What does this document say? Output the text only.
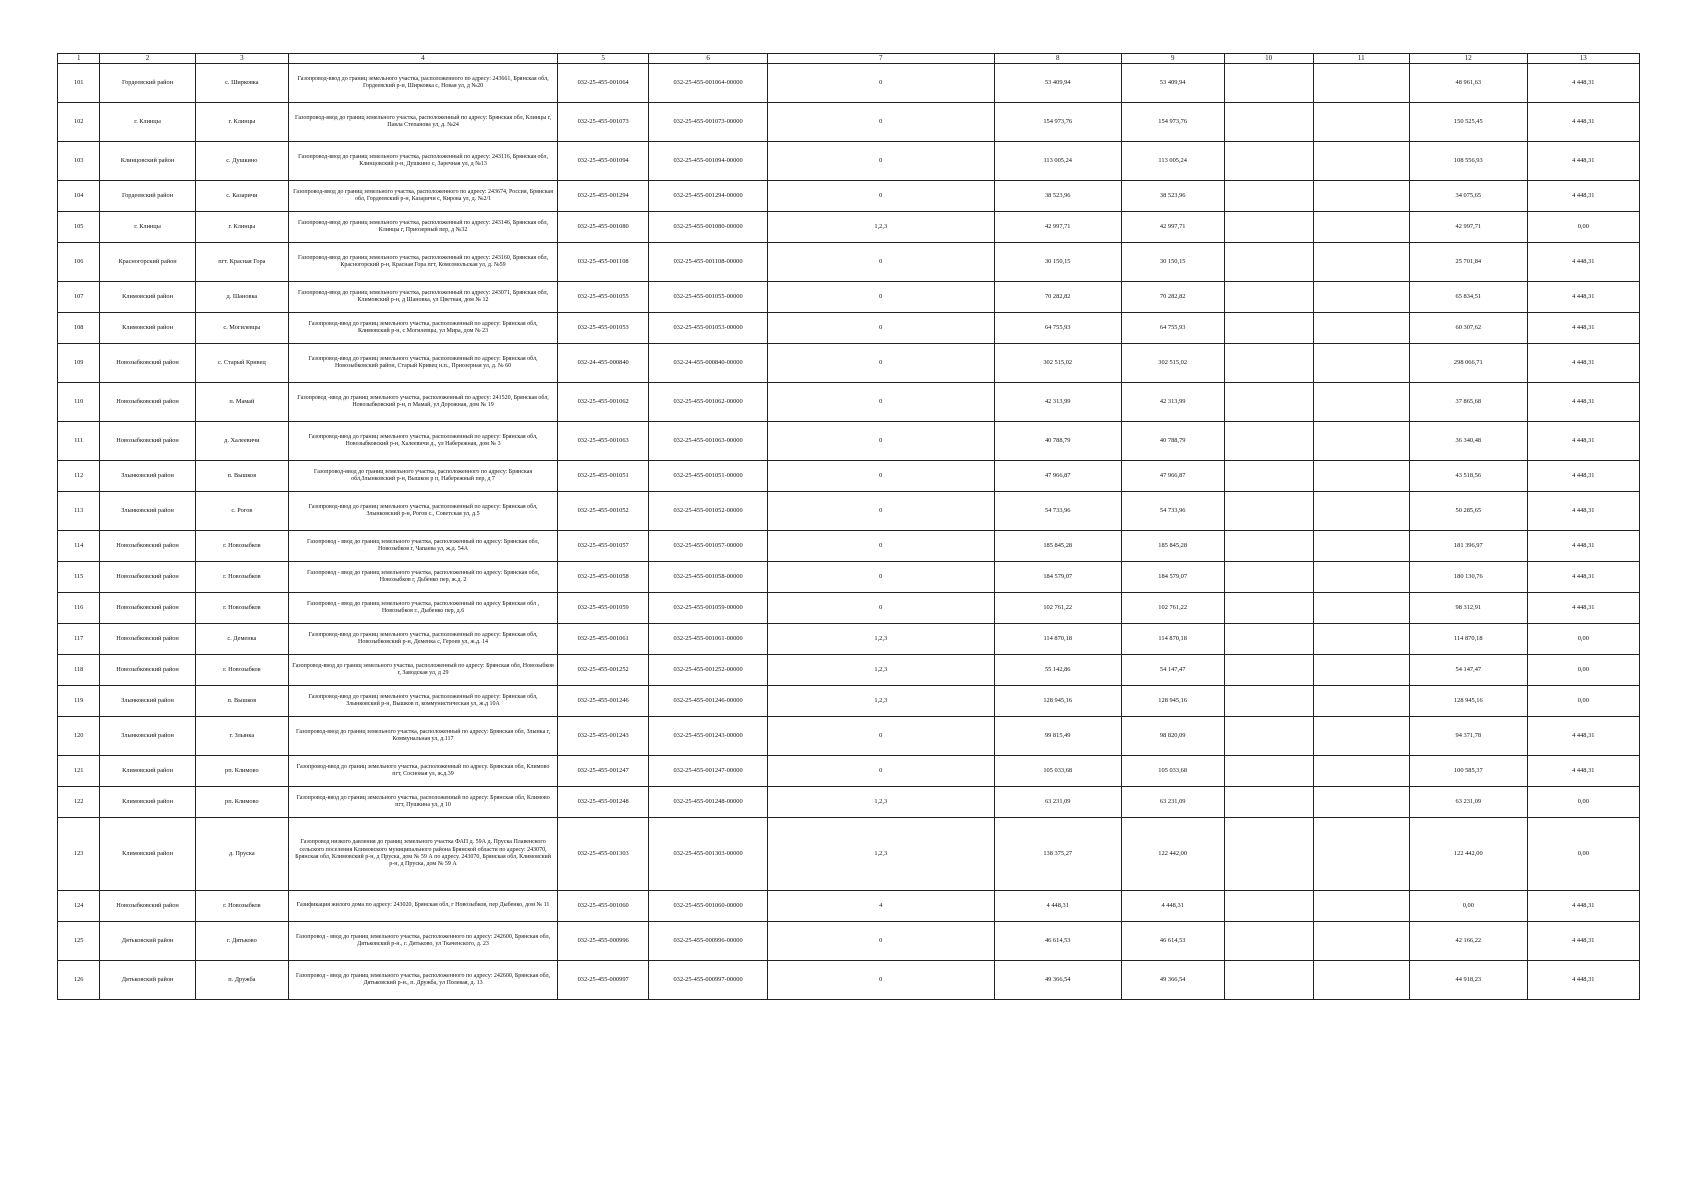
1	2	3	4	5	6	7	8	9	10	11	12	13
101	Гордеевский район	с. Ширковка	Газопровод-ввод до границ земельного участка, расположенного по адресу: 243661, Брянская обл, Гордеевский р-н, Ширковка с, Новая ул, д №20	032-25-455-001064	032-25-455-001064-00000	0	53 409,94	53 409,94			48 961,63	4 448,31
102	г. Клинцы	г. Клинцы	Газопровод-ввод до границ земельного участка, расположенный по адресу: Брянская обл, Клинцы г, Павла Степанова ул, д. №24	032-25-455-001073	032-25-455-001073-00000	0	154 973,76	154 973,76			150 525,45	4 448,31
103	Клинцовский район	с. Душкино	Газопровод-ввод до границ земельного участка, расположенный по адресу: 243116, Брянская обл, Клинцовский р-н, Душкино с, Заречная ул, д №13	032-25-455-001094	032-25-455-001094-00000	0	113 005,24	113 005,24			108 556,93	4 448,31
104	Гордеевский район	с. Казаричи	Газопровод-ввод до границ земельного участка, расположенного по адресу: 243674, Россия, Брянская обл, Гордеевский р-н, Казаричи с, Кирова ул, д. №2/1	032-25-455-001294	032-25-455-001294-00000	0	38 523,96	38 523,96			34 075,65	4 448,31
105	г. Клинцы	г. Клинцы	Газопровод-ввод до границ земельного участка, расположенный по адресу: 243146, Брянская обл, Клинцы г, Приозерный пер, д №32	032-25-455-001080	032-25-455-001080-00000	1,2,3	42 997,71	42 997,71			42 997,71	0,00
106	Красногорский район	пгт. Красная Гора	Газопровод-ввод до границ земельного участка, расположенный по адресу: 243160, Брянская обл, Красногорский р-н, Красная Гора пгт, Комсомольская ул, д. №59	032-25-455-001108	032-25-455-001108-00000	0	30 150,15	30 150,15			25 701,84	4 448,31
107	Климовский район	д. Шановка	Газопровод-ввод до границ земельного участка, расположенный по адресу: 243071, Брянская обл, Климовский р-н, д Шановка, ул Цветная, дом № 12	032-25-455-001055	032-25-455-001055-00000	0	70 282,82	70 282,82			65 834,51	4 448,31
108	Климовский район	с. Могилевцы	Газопровод-ввод до границ земельного участка, расположенный по адресу: Брянская обл, Климовский р-н, с Могилевцы, ул Мира, дом № 23	032-25-455-001053	032-25-455-001053-00000	0	64 755,93	64 755,93			60 307,62	4 448,31
109	Новозыбковский район	с. Старый Кривец	Газопровод-ввод до границ земельного участка, расположенный по адресу: Брянская обл, Новозыбковский район, Старый Кривец н.п., Приозерная ул, д. № 60	032-24-455-000840	032-24-455-000840-00000	0	302 515,02	302 515,02			298 066,71	4 448,31
110	Новозыбковский район	п. Мамай	Газопровод -ввод до границ земельного участка, расположенный по адресу: 241520, Брянская обл, Новозыбковский р-н, п Мамай, ул Дорожная, дом № 19	032-25-455-001062	032-25-455-001062-00000	0	42 313,99	42 313,99			37 865,68	4 448,31
111	Новозыбковский район	д. Халеевичи	Газопровод-ввод до границ земельного участка, расположенный по адресу: Брянская обл, Новозыбковский р-н, Халеевичи д., ул Набережная, дом № 3	032-25-455-001063	032-25-455-001063-00000	0	40 788,79	40 788,79			36 340,48	4 448,31
112	Злынковский район	п. Вышков	Газопровод-ввод до границ земельного участка, расположенного по адресу: Брянская обл,Злынковский р-н, Вышков р п, Набережный пер, д 7	032-25-455-001051	032-25-455-001051-00000	0	47 966,87	47 966,87			43 518,56	4 448,31
113	Злынковский район	с. Рогов	Газопровод-ввод до границ земельного участка, расположенный по адресу: Брянская обл, Злынковский р-н, Рогов с., Советская ул, д.5	032-25-455-001052	032-25-455-001052-00000	0	54 733,96	54 733,96			50 285,65	4 448,31
114	Новозыбковский район	г. Новозыбков	Газопровод - ввод до границ земельного участка, расположенный по адресу: Брянская обл, Новозыбков г, Чапаева ул, ж.д. 54А	032-25-455-001057	032-25-455-001057-00000	0	185 845,28	185 845,28			181 396,97	4 448,31
115	Новозыбковский район	г. Новозыбков	Газопровод - ввод до границ земельного участка, расположенный по адресу: Брянская обл, Новозыбков г, Дьбенко пер, ж.д. 2	032-25-455-001058	032-25-455-001058-00000	0	184 579,07	184 579,07			180 130,76	4 448,31
116	Новозыбковский район	г. Новозыбков	Газопровод - ввод до границ земельного участка, расположенный по адресу Брянская обл , Новозыбков г., Дыбенко пер, д.6	032-25-455-001059	032-25-455-001059-00000	0	102 761,22	102 761,22			98 312,91	4 448,31
117	Новозыбковский район	с. Деменка	Газопровод-ввод до границ земельного участка, расположенный по адресу: Брянская обл, Новозыбковский р-н, Деменка с, Героев ул, ж.д. 14	032-25-455-001061	032-25-455-001061-00000	1,2,3	114 870,18	114 870,18			114 870,18	0,00
118	Новозыбковский район	г. Новозыбков	Газопровод-ввод до границ земельного участка, расположенный по адресу: Брянская обл, Новозыбков г, Заводская ул, д 29	032-25-455-001252	032-25-455-001252-00000	1,2,3	55 142,86	54 147,47			54 147,47	0,00
119	Злынковский район	п. Вышков	Газопровод-ввод до границ земельного участка, расположенный по адресу: Брянская обл, Злынковский р-н, Вышков п, коммунистическая ул, ж.д 10А	032-25-455-001246	032-25-455-001246-00000	1,2,3	128 945,16	128 945,16			128 945,16	0,00
120	Злынковский район	г. Злынка	Газопровод-ввод до границ земельного участка, расположенный по адресу: Брянская обл, Злынка г, Коммунальная ул, д.117	032-25-455-001243	032-25-455-001243-00000	0	99 815,49	98 820,09			94 371,78	4 448,31
121	Климовский район	рп. Климово	Газопровод-ввод до границ земельного участка, расположенный по адресу. Брянская обл, Климово пгт, Сосновая ул, ж.д.39	032-25-455-001247	032-25-455-001247-00000	0	105 033,68	105 033,68			100 585,37	4 448,31
122	Климовский район	рп. Климово	Газопровод-ввод до границ земельного участка, расположенный по адресу: Брянская обл, Климово пгт, Пушкина ул, д 10	032-25-455-001248	032-25-455-001248-00000	1,2,3	63 231,09	63 231,09			63 231,09	0,00
123	Климовский район	д. Пруска	Газопровод низкого давления до границ земельного участка ФАП д. 59А д. Пруска Плавенского сельского поселения Климовского муниципального района Брянской области по адресу: 243070, Брянская обл, Климовский р-н, д Пруска, дом № 59 А по адресу. 243070, Брянская обл, Климовский р-н, д Пруска, дом № 59 А	032-25-455-001303	032-25-455-001303-00000	1,2,3	138 375,27	122 442,00			122 442,00	0,00
124	Новозыбковский район	г. Новозыбков	Газификация жилого дома по адресу: 243020, Брянская обл, г Новозыбков, пер Дыбенко, дом № 11	032-25-455-001060	032-25-455-001060-00000	4	4 448,31	4 448,31			0,00	4 448,31
125	Дятьковский район	г. Дятьково	Газопровод - ввод до границ земельного участка, расположенного по адресу: 242600, Брянская обл, Дятьковский р-н., г. Дятьково, ул Ткаченского, д. 23	032-25-455-000996	032-25-455-000996-00000	0	46 614,53	46 614,53			42 166,22	4 448,31
126	Дятьковский район	п. Дружба	Газопровод - ввод до границ земельного участка, расположенного по адресу: 242600, Брянская обл, Дятьковский р-н., п. Дружба, ул Полевая, д. 13	032-25-455-000997	032-25-455-000997-00000	0	49 366,54	49 366,54			44 918,23	4 448,31
